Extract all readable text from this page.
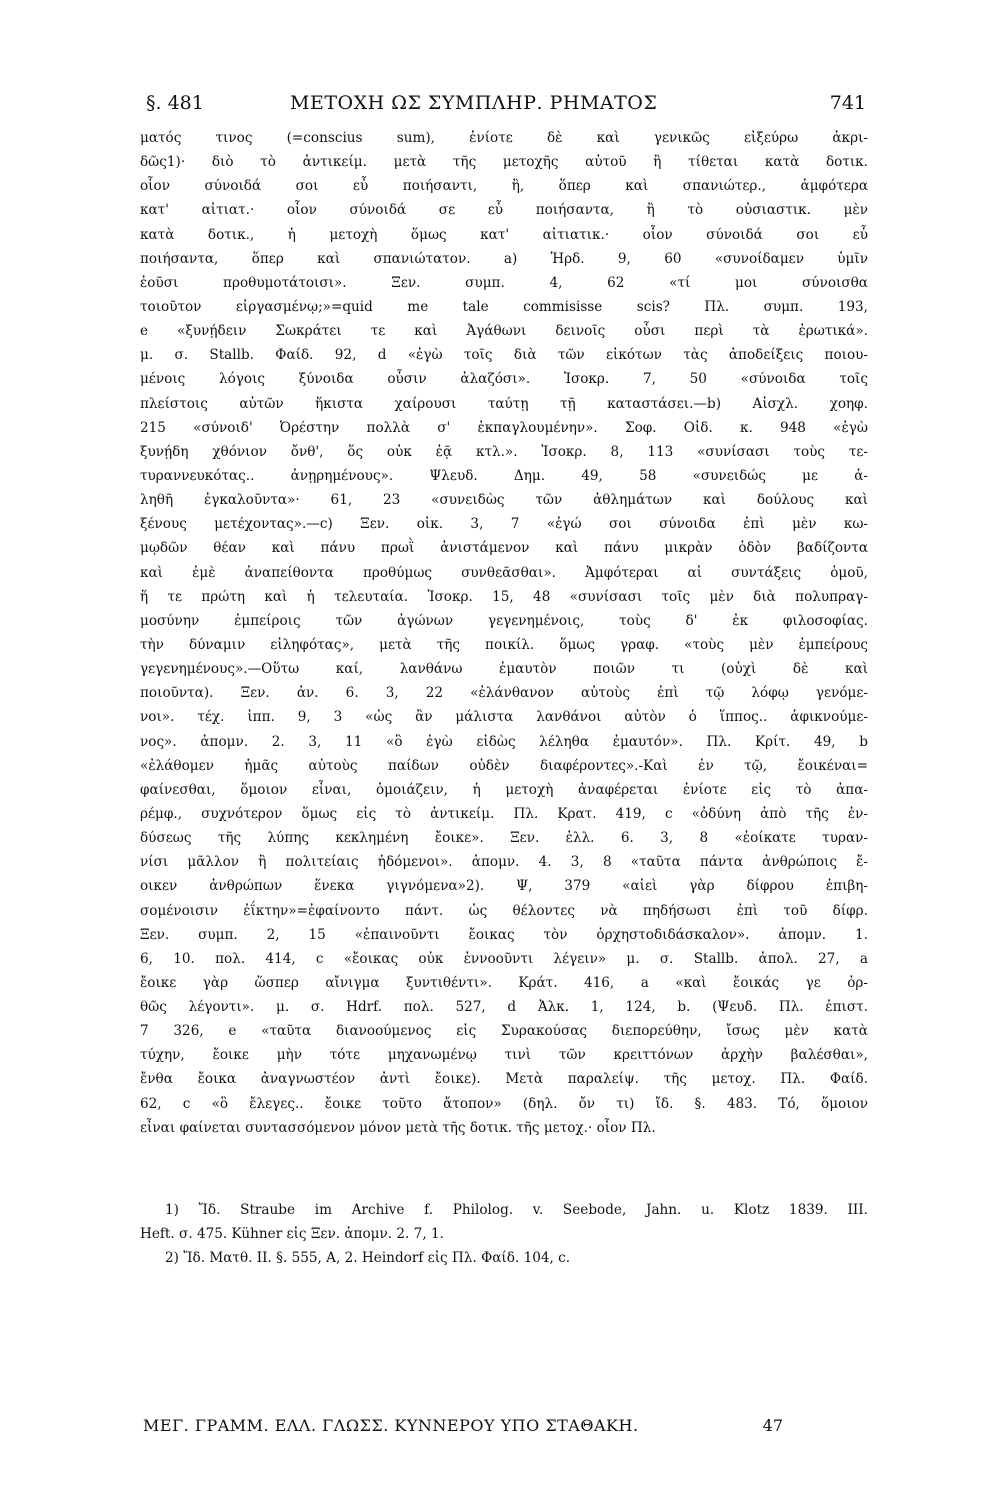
§. 481	ΜΕΤΟΧΗ ΩΣ ΣΥΜΠΛΗΡ. ΡΗΜΑΤΟΣ	741
ματός τινος (=conscius sum), ἐνίοτε δὲ καὶ γενικῶς εἰξεύρω ἀκρι-
δῶς1)· διὸ τὸ ἀντικείμ. μετὰ τῆς μετοχῆς αὐτοῦ ἢ τίθεται κατὰ δοτικ.
οἷον σύνοιδά σοι εὖ ποιήσαντι, ἢ, ὅπερ καὶ σπανιώτερ., ἀμφότερα
κατ' αἰτιατ.· οἷον σύνοιδά σε εὖ ποιήσαντα, ἢ τὸ οὐσιαστικ. μὲν
κατὰ δοτικ., ἡ μετοχὴ ὅμως κατ' αἰτιατικ.· οἷον σύνοιδά σοι εὖ
ποιήσαντα, ὅπερ καὶ σπανιώτατον. a) Ἡρδ. 9, 60 «συνοίδαμεν ὑμῖν
ἐοῦσι προθυμοτάτοισι». Ξεν. συμπ. 4, 62 «τί μοι σύνοισθα
τοιοῦτον εἰργασμένῳ;»=quid me tale commisisse scis? Πλ. συμπ. 193,
e «ξυνῄδειν Σωκράτει τε καὶ Ἀγάθωνι δεινοῖς οὖσι περὶ τὰ ἐρωτικά».
μ. σ. Stallb. Φαίδ. 92, d «ἐγὼ τοῖς διὰ τῶν εἰκότων τὰς ἀποδείξεις ποιου-
μένοις λόγοις ξύνοιδα οὖσιν ἀλαζόσι». Ἰσοκρ. 7, 50 «σύνοιδα τοῖς
πλείστοις αὐτῶν ἥκιστα χαίρουσι ταύτῃ τῇ καταστάσει.—b) Αἰσχλ. χοηφ.
215 «σύνοιδ' Ὀρέστην πολλὰ σ' ἐκπαγλουμένην». Σοφ. Οἰδ. κ. 948 «ἐγὼ
ξυνῄδη χθόνιον ὄνθ', ὅς οὐκ ἐᾷ κτλ.». Ἰσοκρ. 8, 113 «συνίσασι τοὺς τε-
τυραννευκότας.. ἀνῃρημένους». Ψλευδ. Δημ. 49, 58 «συνειδώς με ἀ-
ληθῆ ἐγκαλοῦντα»· 61, 23 «συνειδὼς τῶν ἀθλημάτων καὶ δούλους καὶ
ξένους μετέχοντας».—c) Ξεν. οἰκ. 3, 7 «ἐγώ σοι σύνοιδα ἐπὶ μὲν κω-
μῳδῶν θέαν καὶ πάνυ πρωῒ ἀνιστάμενον καὶ πάνυ μικρὰν ὁδὸν βαδίζοντα
καὶ ἐμὲ ἀναπείθοντα προθύμως συνθεᾶσθαι». Ἀμφότεραι αἱ συντάξεις ὁμοῦ,
ἥ τε πρώτη καὶ ἡ τελευταία. Ἰσοκρ. 15, 48 «συνίσασι τοῖς μὲν διὰ πολυπραγ-
μοσύνην ἐμπείροις τῶν ἀγώνων γεγενημένοις, τοὺς δ' ἐκ φιλοσοφίας.
τὴν δύναμιν εἰληφότας», μετὰ τῆς ποικίλ. ὅμως γραφ. «τοὺς μὲν ἐμπείρους
γεγενημένους».—Οὕτω καί, λανθάνω ἐμαυτὸν ποιῶν τι (οὐχὶ δὲ καὶ
ποιοῦντα). Ξεν. ἀν. 6. 3, 22 «ἐλάνθανον αὐτοὺς ἐπὶ τῷ λόφῳ γενόμε-
νοι». τέχ. ἱππ. 9, 3 «ὡς ἂν μάλιστα λανθάνοι αὐτὸν ὁ ἵππος.. ἀφικνούμε-
νος». ἀπομν. 2. 3, 11 «ὃ ἐγὼ εἰδὼς λέληθα ἐμαυτόν». Πλ. Κρίτ. 49, b
«ἐλάθομεν ἡμᾶς αὐτοὺς παίδων οὐδὲν διαφέροντες».-Καὶ ἐν τῷ, ἔοικέναι=
φαίνεσθαι, ὅμοιον εἶναι, ὁμοιάζειν, ἡ μετοχὴ ἀναφέρεται ἐνίοτε εἰς τὸ ἀπα-
ρέμφ., συχνότερον ὅμως εἰς τὸ ἀντικείμ. Πλ. Κρατ. 419, c «ὀδύνη ἀπὸ τῆς ἐν-
δύσεως τῆς λύπης κεκλημένη ἔοικε». Ξεν. ἑλλ. 6. 3, 8 «ἐοίκατε τυραν-
νίσι μᾶλλον ἢ πολιτείαις ἡδόμενοι». ἀπομν. 4. 3, 8 «ταῦτα πάντα ἀνθρώποις ἔ-
οικεν ἀνθρώπων ἕνεκα γιγνόμενα»2). Ψ, 379 «αἰεὶ γὰρ δίφρου ἐπιβη-
σομένοισιν ἐΐκτην»=ἐφαίνοντο πάντ. ὡς θέλοντες νὰ πηδήσωσι ἐπὶ τοῦ δίφρ.
Ξεν. συμπ. 2, 15 «ἐπαινοῦντι ἔοικας τὸν ὀρχηστοδιδάσκαλον». ἀπομν. 1.
6, 10. πολ. 414, c «ἔοικας οὐκ ἐννοοῦντι λέγειν» μ. σ. Stallb. ἀπολ. 27, a
ἔοικε γὰρ ὥσπερ αἴνιγμα ξυντιθέντι». Κράτ. 416, a «καὶ ἔοικάς γε ὀρ-
θῶς λέγοντι». μ. σ. Hdrf. πολ. 527, d Ἀλκ. 1, 124, b. (Ψευδ. Πλ. ἐπιστ.
7 326, e «ταῦτα διανοούμενος εἰς Συρακούσας διεπορεύθην, ἴσως μὲν κατὰ
τύχην, ἔοικε μὴν τότε μηχανωμένῳ τινὶ τῶν κρειττόνων ἀρχὴν βαλέσθαι»,
ἔνθα ἔοικα ἀναγνωστέον ἀντὶ ἔοικε). Μετὰ παραλείψ. τῆς μετοχ. Πλ. Φαίδ.
62, c «ὃ ἔλεγες.. ἔοικε τοῦτο ἄτοπον» (δηλ. ὄν τι) ἴδ. §. 483. Τό, ὅμοιον
εἶναι φαίνεται συντασσόμενον μόνον μετὰ τῆς δοτικ. τῆς μετοχ.· οἷον Πλ.
1) Ἴδ. Straube im Archive f. Philolog. v. Seebode, Jahn. u. Klotz 1839. III.
Heft. σ. 475. Kühner εἰς Ξεν. ἀπομν. 2. 7, 1.
2) Ἴδ. Ματθ. II. §. 555, A, 2. Heindorf εἰς Πλ. Φαίδ. 104, c.
ΜΕΓ. ΓΡΑΜΜ. ΕΛΛ. ΓΛΩΣΣ. ΚΥΝΝΕΡΟΥ ΥΠΟ ΣΤΑΘΑΚΗ.	47
